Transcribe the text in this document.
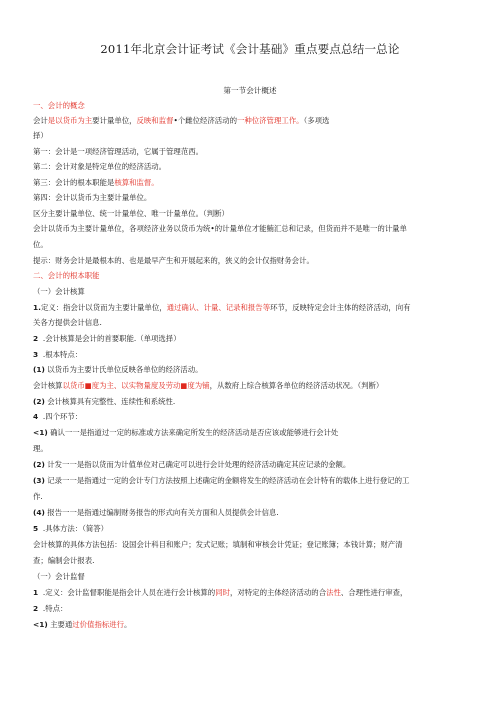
2011年北京会计证考试《会计基础》重点要点总结一总论
第一节会计概述
一、会计的概念
会计是以货币为主要计量单位，反映和监督•个雌位经济活动的一种位济管理工作。（多项选
择）
第一：会计是一项经济管理活动，它属于管理范西。
第二：会计对象是特定单位的经济活动。
第三：会计的根本职能是核算和监督。
第四：会计以货币为主要计量单位。
区分主要计量单位、统一计量单位、唯一计量单位。（判断）
会计以货币为主要计量单位，各项经济业务以货币为统•的计量单位才能鮪汇总和记录，但货而并不是唯一的计量单
位。
提示：财务会计是最根本的、也是最早产生和开展起来的，狭义的会计仅指财务会计。
二、会计的根本职能
（一）会计核算
1.定义：指会计以货而为主要计量单位，通过确认、计量、记录和报告等环节，反映特定会计主体的经济活动，向有
关各方提供会计信息.
2 .会计核算是会计的首要职能.（单项选择）
3 .根本特点：
(1) 以货币为主要计氏单位反映各单位的经济活动。
会计核算以货币■度为主、以实物量度及劳动■度为铺，从数府上综合核算各单位的经济活动状况。（判断）
(2) 会计核算具有完整性、连续性和系统性.
4 .四个环节：
<1) 确认一一是指道过一定的标准或方法来确定所发生的经济活动是否应该或能够进行会计处
理。
(2) 计发一一是指以货而为计值单位对己确定可以进行会计处理的经济活动确定其应记录的金额。
(3) 记录一一是指通过一定的会计专门方法按照上述确定的金额将发生的经济活动在会计特有的载体上进行登记的工
作.
(4) 报告一一是指通过编制财务报告的形式向有关方面和人员提供会计信息.
5 .具体方法：（简答）
会计核算的具体方法包括：设国会计科目和账户；发式记账；填制和审核会计凭证；登记账簿；本钱计算；财产清
查；编制会计报表.
（一）会计监督
1 .定义：会计监督职能是指会计人员在进行会计核算的同时，对特定的主体经济活动的合法性、合理性进行审查，
2 .特点：
<1) 主要通过价值指标进行。
